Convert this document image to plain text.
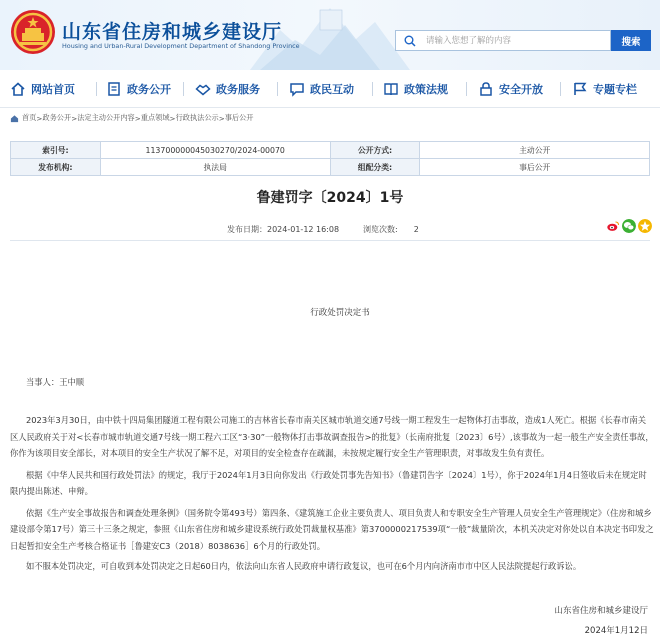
山东省住房和城乡建设厅
Housing and Urban-Rural Development Department of Shandong Province
请输入您想了解的内容	搜索
网站首页	政务公开	政务服务	政民互动	政策法规	安全开放	专题专栏
首页 > 政务公开 > 法定主动公开内容 > 重点领域 > 行政执法公示 > 事后公开
索引号:	113700000045030270/2024-00070	公开方式:	主动公开
发布机构:	执法局	组配分类:	事后公开
鲁建罚字〔2024〕1号
发布日期：2024-01-12 16:08	浏览次数: 2
行政处罚决定书

当事人：王中顺

2023年3月30日，由中铁十四局集团隧道工程有限公司施工的吉林省长春市南关区城市轨道交通7号线一期工程发生一起物体打击事故，造成1人死亡。根据《长春市南关区人民政府关于对<长春市城市轨道交通7号线一期工程六工区“3·30”一般物体打击事故调查报告>的批复》（长南府批复〔2023〕6号）,该事故为一起一般生产安全责任事故，你作为该项目安全部长，对本项目的安全生产状况了解不足，对项目的安全检查存在疏漏，未按规定履行安全生产管理职责，对事故发生负有责任。

根据《中华人民共和国行政处罚法》的规定，我厅于2024年1月3日向你发出《行政处罚事先告知书》（鲁建罚告字〔2024〕1号），你于2024年1月4日签收后未在规定时限内提出陈述、申辩。

依据《生产安全事故报告和调查处理条例》（国务院令第493号）第四条、《建筑施工企业主要负责人、项目负责人和专职安全生产管理人员安全生产管理规定》（住房和城乡建设部令第17号）第三十三条之规定，参照《山东省住房和城乡建设系统行政处罚裁量权基准》第3700000217539项“一般”裁量阶次，本机关决定对你处以自本决定书印发之日起暂扣安全生产考核合格证书［鲁建安C3（2018）8038636］6个月的行政处罚。

如不服本处罚决定，可自收到本处罚决定之日起60日内，依法向山东省人民政府申请行政复议，也可在6个月内向济南市市中区人民法院提起行政诉讼。

山东省住房和城乡建设厅
2024年1月12日
